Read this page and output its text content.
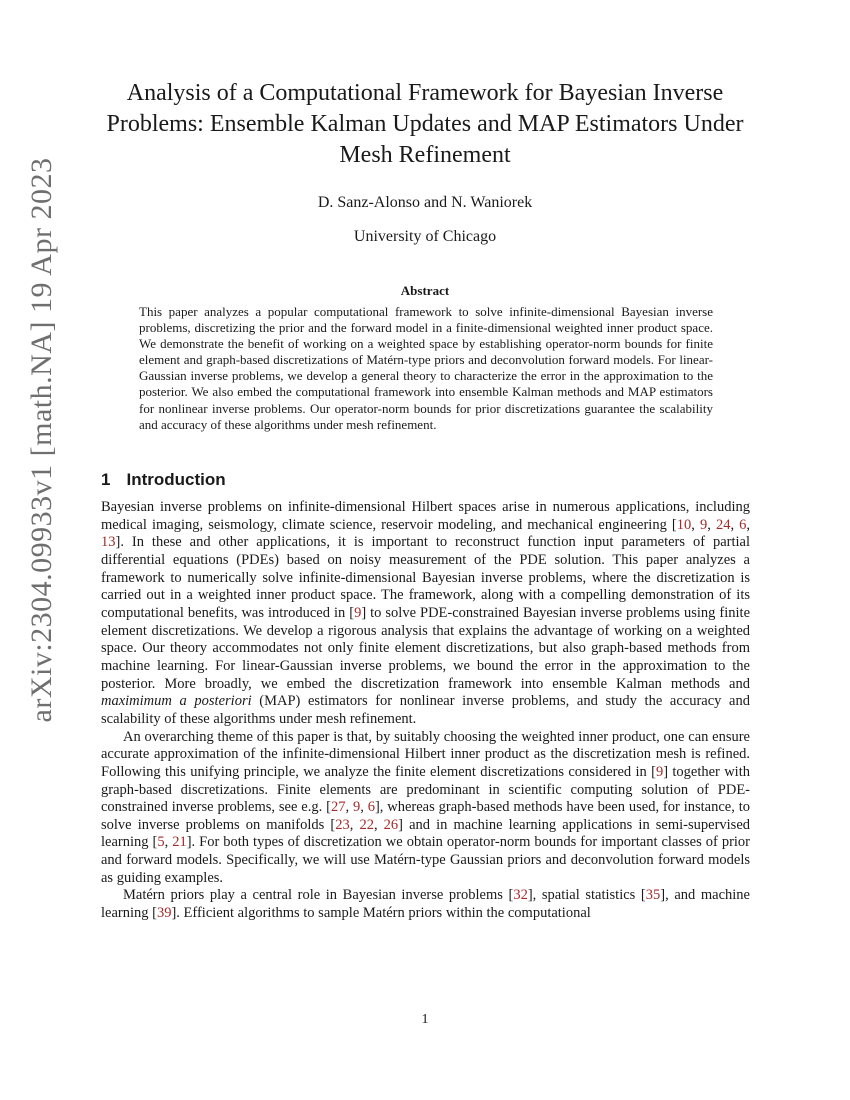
arXiv:2304.09933v1 [math.NA] 19 Apr 2023
Analysis of a Computational Framework for Bayesian Inverse Problems: Ensemble Kalman Updates and MAP Estimators Under Mesh Refinement
D. Sanz-Alonso and N. Waniorek
University of Chicago
Abstract
This paper analyzes a popular computational framework to solve infinite-dimensional Bayesian inverse problems, discretizing the prior and the forward model in a finite-dimensional weighted inner product space. We demonstrate the benefit of working on a weighted space by establishing operator-norm bounds for finite element and graph-based discretizations of Matérn-type priors and deconvolution forward models. For linear-Gaussian inverse problems, we develop a general theory to characterize the error in the approximation to the posterior. We also embed the computational framework into ensemble Kalman methods and MAP estimators for nonlinear inverse problems. Our operator-norm bounds for prior discretizations guarantee the scalability and accuracy of these algorithms under mesh refinement.
1 Introduction

Bayesian inverse problems on infinite-dimensional Hilbert spaces arise in numerous applications, including medical imaging, seismology, climate science, reservoir modeling, and mechanical engineering [10, 9, 24, 6, 13]. In these and other applications, it is important to reconstruct function input parameters of partial differential equations (PDEs) based on noisy measurement of the PDE solution. This paper analyzes a framework to numerically solve infinite-dimensional Bayesian inverse problems, where the discretization is carried out in a weighted inner product space. The framework, along with a compelling demonstration of its computational benefits, was introduced in [9] to solve PDE-constrained Bayesian inverse problems using finite element discretizations. We develop a rigorous analysis that explains the advantage of working on a weighted space. Our theory accommodates not only finite element discretizations, but also graph-based methods from machine learning. For linear-Gaussian inverse problems, we bound the error in the approximation to the posterior. More broadly, we embed the discretization framework into ensemble Kalman methods and maximimum a posteriori (MAP) estimators for nonlinear inverse problems, and study the accuracy and scalability of these algorithms under mesh refinement.

An overarching theme of this paper is that, by suitably choosing the weighted inner product, one can ensure accurate approximation of the infinite-dimensional Hilbert inner product as the discretization mesh is refined. Following this unifying principle, we analyze the finite element discretizations considered in [9] together with graph-based discretizations. Finite elements are predominant in scientific computing solution of PDE-constrained inverse problems, see e.g. [27, 9, 6], whereas graph-based methods have been used, for instance, to solve inverse problems on manifolds [23, 22, 26] and in machine learning applications in semi-supervised learning [5, 21]. For both types of discretization we obtain operator-norm bounds for important classes of prior and forward models. Specifically, we will use Matérn-type Gaussian priors and deconvolution forward models as guiding examples.

Matérn priors play a central role in Bayesian inverse problems [32], spatial statistics [35], and machine learning [39]. Efficient algorithms to sample Matérn priors within the computational

1
